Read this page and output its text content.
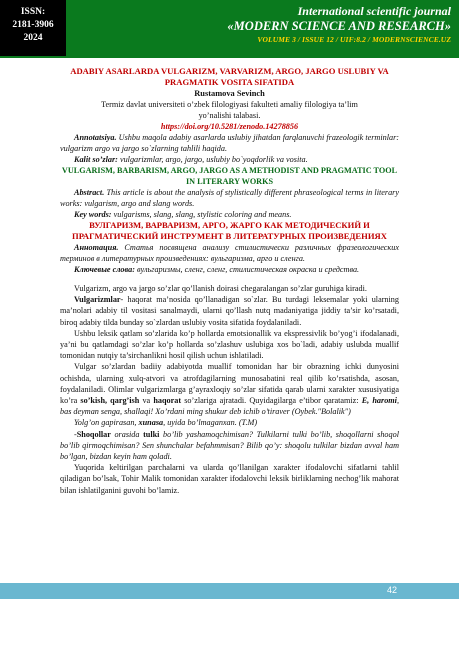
ISSN:
2181-3906
2024
International scientific journal
«MODERN SCIENCE AND RESEARCH»
VOLUME 3 / ISSUE 12 / UIF:8.2 / MODERNSCIENCE.UZ
ADABIY ASARLARDA VULGARIZM, VARVARIZM, ARGO, JARGO USLUBIY VA PRAGMATIK VOSITA SIFATIDA
Rustamova Sevinch
Termiz davlat universiteti o’zbek filologiyasi fakulteti amaliy filologiya ta’lim yo’nalishi talabasi.
https://doi.org/10.5281/zenodo.14278856
Annotatsiya. Ushbu maqola adabiy asarlarda uslubiy jihatdan farqlanuvchi frazeologik terminlar: vulgarizm argo va jargo so`zlarning tahlili haqida.
Kalit so’zlar: vulgarizmlar, argo, jargo, uslubiy bo`yoqdorlik va vosita.
VULGARISM, BARBARISM, ARGO, JARGO AS A METHODIST AND PRAGMATIC TOOL IN LITERARY WORKS
Abstract. This article is about the analysis of stylistically different phraseological terms in literary works: vulgarism, argo and slang words.
Key words: vulgarisms, slang, slang, stylistic coloring and means.
ВУЛГАРИЗМ, ВАРВАРИЗМ, АРГО, ЖАРГО КАК МЕТОДИЧЕСКИЙ И ПРАГМАТИЧЕСКИЙ ИНСТРУМЕНТ В ЛИТЕРАТУРНЫХ ПРОИЗВЕДЕНИЯХ
Аннотация. Статья посвящена анализу стилистически различных фразеологических терминов в литературных произведениях: вульгаризма, арго и сленга.
Ключевые слова: вульгаризмы, сленг, сленг, стилистическая окраска и средства.
Vulgarizm, argo va jargo so’zlar qo’llanish doirasi chegaralangan so’zlar guruhiga kiradi.
Vulgarizmlar- haqorat ma’nosida qo’llanadigan so`zlar. Bu turdagi leksemalar yoki ularning ma’nolari adabiy til vositasi sanalmaydi, ularni qo’llash nutq madaniyatiga jiddiy ta’sir ko’rsatadi, biroq adabiy tilda bunday so`zlardan uslubiy vosita sifatida foydalaniladi.
Ushbu leksik qatlam so’zlarida ko’p hollarda emotsionallik va ekspressivlik bo’yog’i ifodalanadi, ya’ni bu qatlamdagi so’zlar ko’p hollarda so’zlashuv uslubiga xos bo`ladi, adabiy uslubda muallif tomonidan nutqiy ta’sirchanlikni hosil qilish uchun ishlatiladi.
Vulgar so’zlardan badiiy adabiyotda muallif tomonidan har bir obrazning ichki dunyosini ochishda, ularning xulq-atvori va atrofdagilarning munosabatini real qilib ko’rsatishda, asosan, foydalaniladi. Olimlar vulgarizmlarga g’ayraxloqiy so’zlar sifatida qarab ularni xarakter xususiyatiga ko’ra so’kish, qarg’ish va haqorat so’zlariga ajratadi. Quyidagilarga e’tibor qaratamiz: E, haromi, bas deyman senga, shallaqi! Xo’rdani ming shukur deb ichib o’tiraver (Oybek."Bolalik")
Yolg’on gapirasan, xunasa, uyida bo’lmaganxan. (T.M)
-Shoqollar orasida tulki bo’lib yashamoqchimisan? Tulkilarni tulki bo’lib, shoqollarni shoqol bo’lib qirmoqchimisan? Sen shunchalar befahmmisan? Bilib qo’y: shoqolu tulkilar bizdan avval ham bo’lgan, bizdan keyin ham qoladi.
Yuqorida keltirilgan parchalarni va ularda qo’llanilgan xarakter ifodalovchi sifatlarni tahlil qiladigan bo’lsak, Tohir Malik tomonidan xarakter ifodalovchi leksik birliklarning nechog’lik mahorat bilan ishlatilganini guvohi bo’lamiz.
42
